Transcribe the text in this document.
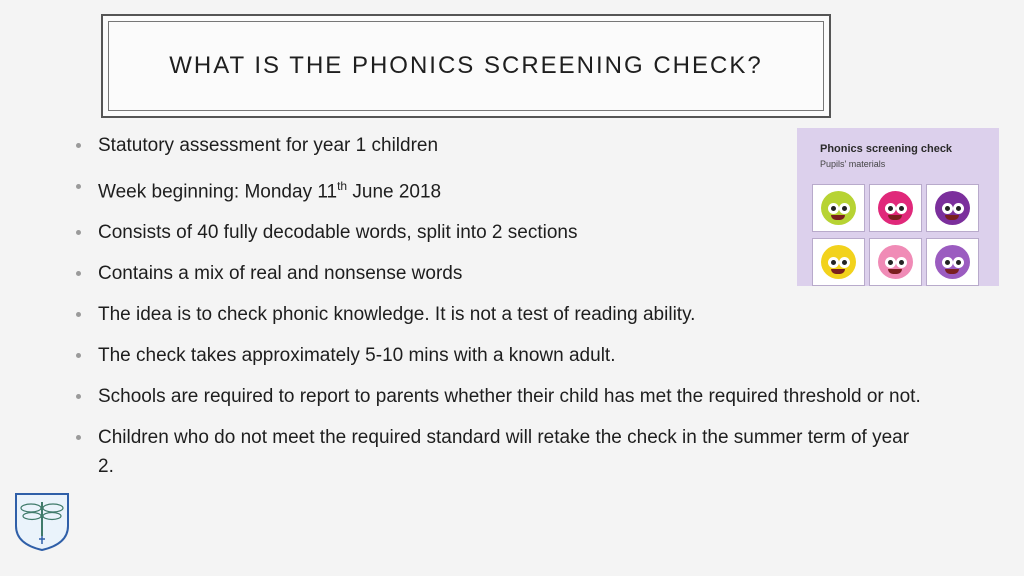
WHAT IS THE PHONICS SCREENING CHECK?
Statutory assessment for year 1 children
Week beginning: Monday 11th June 2018
Consists of 40 fully decodable words, split into 2 sections
Contains a mix of real and nonsense words
The idea is to check phonic knowledge. It is not a test of reading ability.
The check takes approximately 5-10 mins with a known adult.
Schools are required to report to parents whether their child has met the required threshold or not.
Children who do not meet the required standard will retake the check in the summer term of year 2.
Phonics screening check
Pupils' materials
